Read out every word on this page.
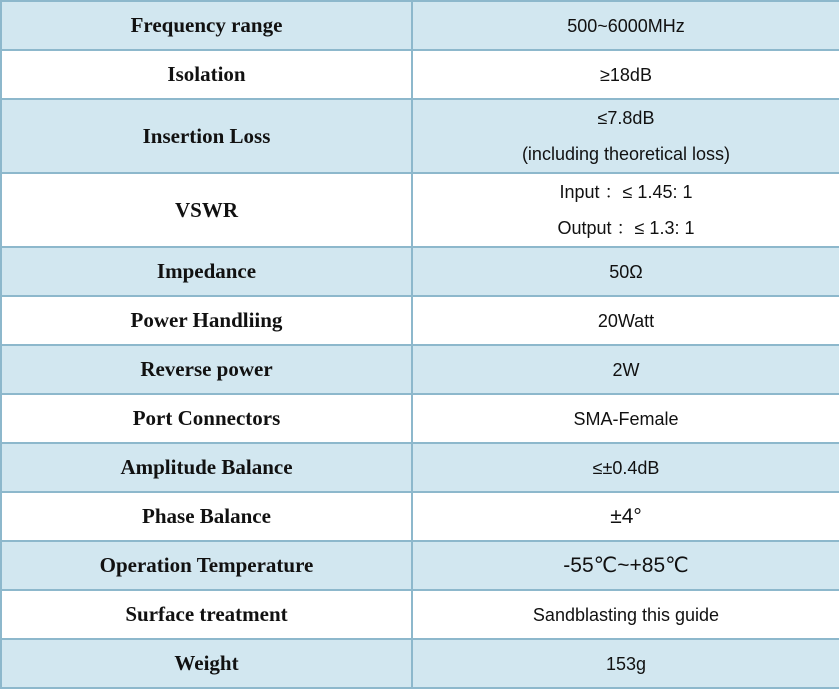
Frequency range	500~6000MHz

Isolation	≥18dB

Insertion Loss	≤7.8dB
(including theoretical loss)

VSWR	Input ：≤ 1.45: 1
Output ：≤ 1.3: 1

Impedance	50Ω

Power Handliing	20Watt

Reverse power	2W

Port Connectors	SMA-Female

Amplitude Balance	≤±0.4dB

Phase Balance	±4°

Operation Temperature	-55℃~+85℃

Surface treatment	Sandblasting this guide

Weight	153g
